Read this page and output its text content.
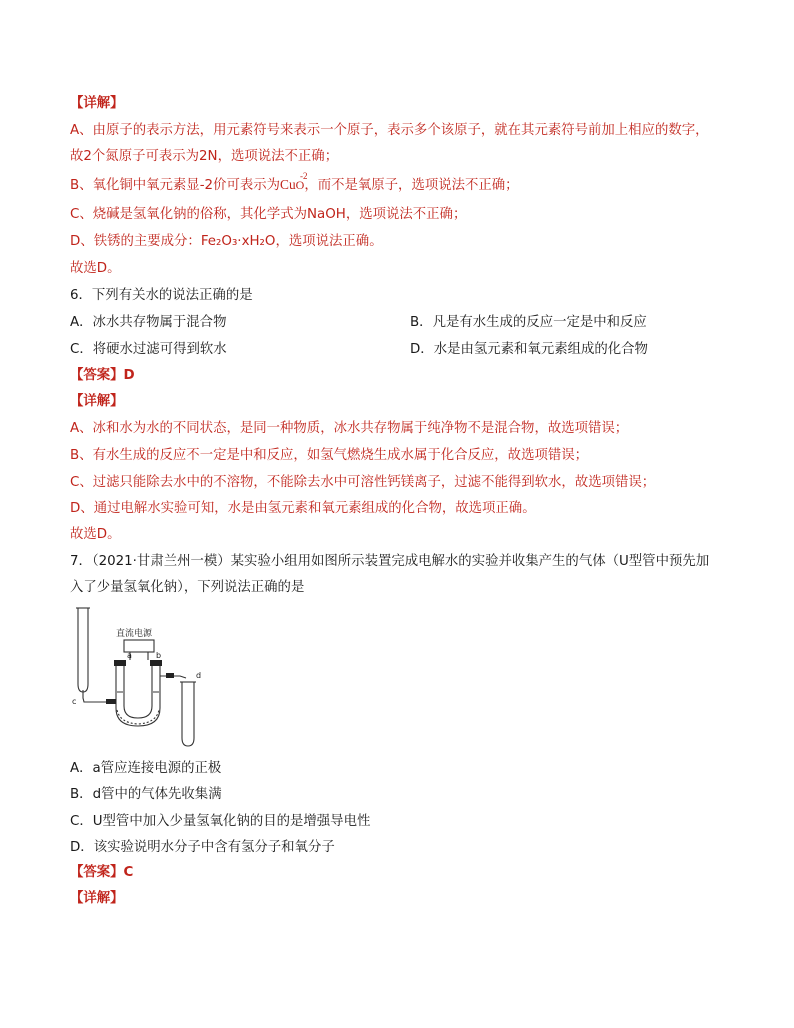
【详解】
A、由原子的表示方法，用元素符号来表示一个原子，表示多个该原子，就在其元素符号前加上相应的数字，
故2个氮原子可表示为2N，选项说法不正确；
B、氧化铜中氧元素显-2价可表示为CuO
-2
，而不是氧原子，选项说法不正确；
C、烧碱是氢氧化钠的俗称，其化学式为NaOH，选项说法不正确；
D、铁锈的主要成分：Fe₂O₃·xH₂O，选项说法正确。
故选D。
6．下列有关水的说法正确的是
A．冰水共存物属于混合物	B．凡是有水生成的反应一定是中和反应
C．将硬水过滤可得到软水	D．水是由氢元素和氧元素组成的化合物
【答案】D
【详解】
A、冰和水为水的不同状态，是同一种物质，冰水共存物属于纯净物不是混合物，故选项错误；
B、有水生成的反应不一定是中和反应，如氢气燃烧生成水属于化合反应，故选项错误；
C、过滤只能除去水中的不溶物，不能除去水中可溶性钙镁离子，过滤不能得到软水，故选项错误；
D、通过电解水实验可知，水是由氢元素和氧元素组成的化合物，故选项正确。
故选D。
7．（2021·甘肃兰州一模）某实验小组用如图所示装置完成电解水的实验并收集产生的气体（U型管中预先加
入了少量氢氧化钠），下列说法正确的是
直流电源
a	b
c
d
A．a管应连接电源的正极
B．d管中的气体先收集满
C．U型管中加入少量氢氧化钠的目的是增强导电性
D．该实验说明水分子中含有氢分子和氧分子
【答案】C
【详解】
